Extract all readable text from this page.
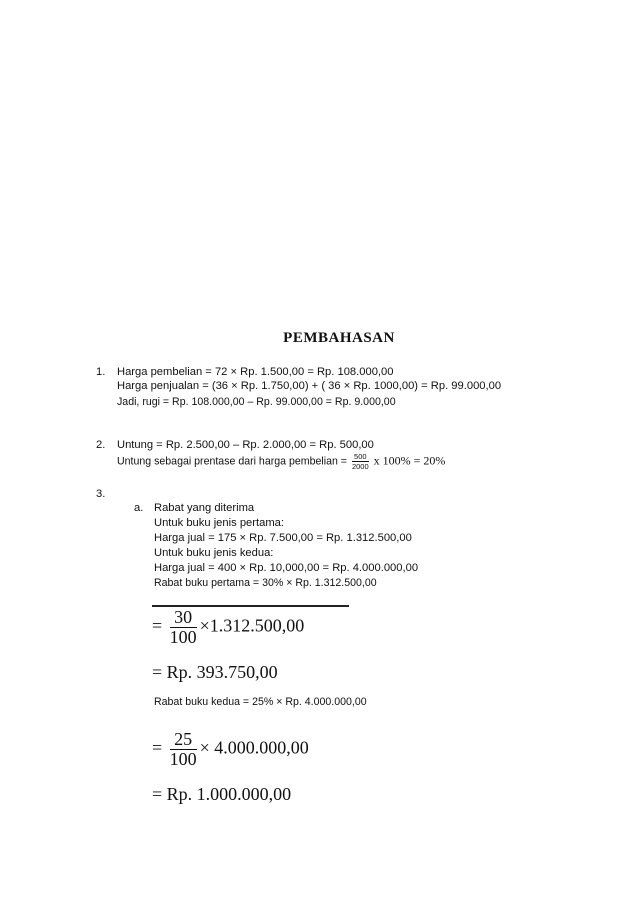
PEMBAHASAN
1. Harga pembelian = 72 × Rp. 1.500,00 = Rp. 108.000,00
Harga penjualan = (36 × Rp. 1.750,00) + ( 36 × Rp. 1000,00) = Rp. 99.000,00
Jadi, rugi = Rp. 108.000,00 – Rp. 99.000,00 = Rp. 9.000,00
2. Untung = Rp. 2.500,00 – Rp. 2.000,00 = Rp. 500,00
Untung sebagai prentase dari harga pembelian = $\frac{500}{2000}$ x 100% = 20%
3.
a. Rabat yang diterima
Untuk buku jenis pertama:
Harga jual = 175 × Rp. 7.500,00 = Rp. 1.312.500,00
Untuk buku jenis kedua:
Harga jual = 400 × Rp. 10,000,00 = Rp. 4.000.000,00
Rabat buku pertama = 30% × Rp. 1.312.500,00
= $\frac{30}{100} \times 1.312.500,00$
= Rp. 393.750,00
Rabat buku kedua = 25% × Rp. 4.000.000,00
= $\frac{25}{100} \times 4.000.000,00$
= Rp. 1.000.000,00
